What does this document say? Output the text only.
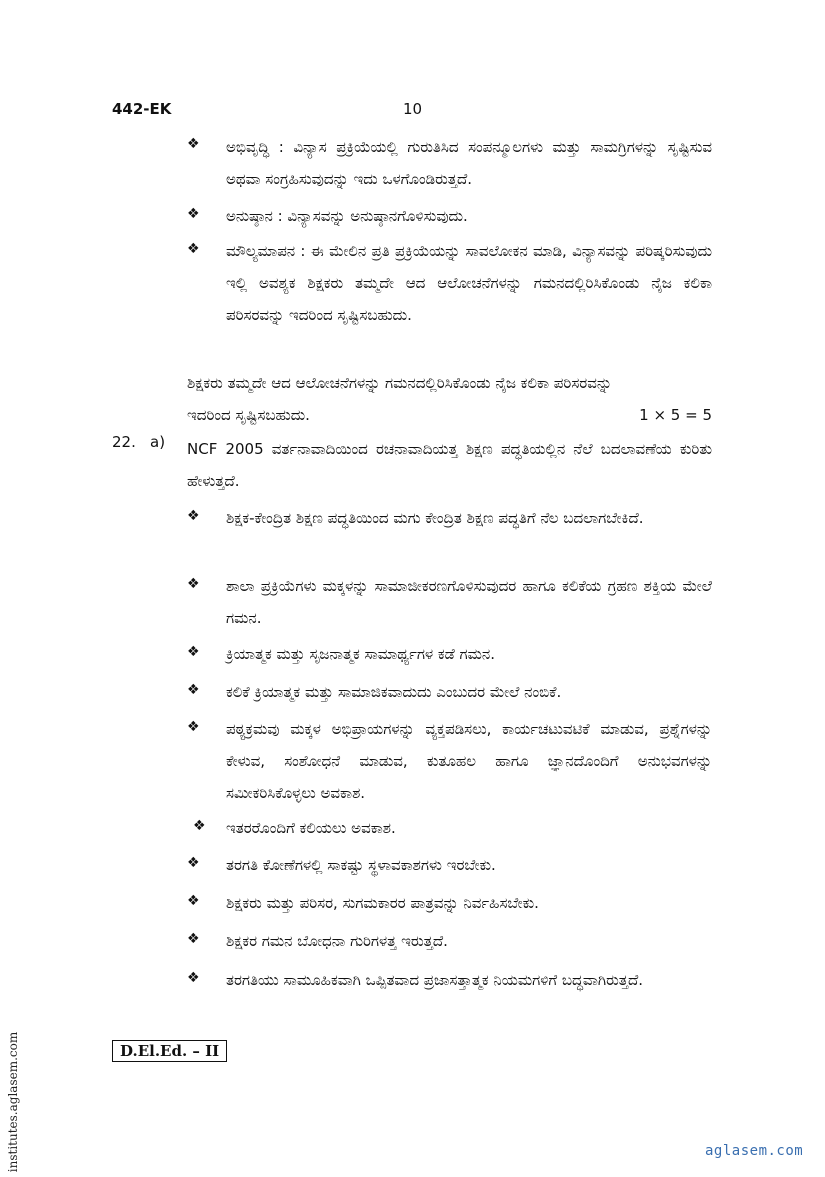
442-EK	10
❖ ಅಭಿವೃದ್ಧಿ : ವಿನ್ಯಾಸ ಪ್ರಕ್ರಿಯೆಯಲ್ಲಿ ಗುರುತಿಸಿದ ಸಂಪನ್ಮೂಲಗಳು ಮತ್ತು ಸಾಮಗ್ರಿಗಳನ್ನು ಸೃಷ್ಟಿಸುವ ಅಥವಾ ಸಂಗ್ರಹಿಸುವುದನ್ನು ಇದು ಒಳಗೊಂಡಿರುತ್ತದೆ.
❖ ಅನುಷ್ಠಾನ : ವಿನ್ಯಾಸವನ್ನು ಅನುಷ್ಠಾನಗೊಳಿಸುವುದು.
❖ ಮೌಲ್ಯಮಾಪನ : ಈ ಮೇಲಿನ ಪ್ರತಿ ಪ್ರಕ್ರಿಯೆಯನ್ನು ಸಾವಲೋಕನ ಮಾಡಿ, ವಿನ್ಯಾಸವನ್ನು ಪರಿಷ್ಕರಿಸುವುದು ಇಲ್ಲಿ ಅವಶ್ಯಕ ಶಿಕ್ಷಕರು ತಮ್ಮದೇ ಆದ ಆಲೋಚನೆಗಳನ್ನು ಗಮನದಲ್ಲಿರಿಸಿಕೊಂಡು ನೈಜ ಕಲಿಕಾ ಪರಿಸರವನ್ನು ಇದರಿಂದ ಸೃಷ್ಟಿಸಬಹುದು.
ಶಿಕ್ಷಕರು ತಮ್ಮದೇ ಆದ ಆಲೋಚನೆಗಳನ್ನು ಗಮನದಲ್ಲಿರಿಸಿಕೊಂಡು ನೈಜ ಕಲಿಕಾ ಪರಿಸರವನ್ನು
ಇದರಿಂದ ಸೃಷ್ಟಿಸಬಹುದು.	1 × 5 = 5
22. a) NCF 2005 ವರ್ತನಾವಾದಿಯಿಂದ ರಚನಾವಾದಿಯತ್ತ ಶಿಕ್ಷಣ ಪದ್ಧತಿಯಲ್ಲಿನ ನೆಲೆ ಬದಲಾವಣೆಯ ಕುರಿತು ಹೇಳುತ್ತದೆ.
❖ ಶಿಕ್ಷಕ-ಕೇಂದ್ರಿತ ಶಿಕ್ಷಣ ಪದ್ಧತಿಯಿಂದ ಮಗು ಕೇಂದ್ರಿತ ಶಿಕ್ಷಣ ಪದ್ಧತಿಗೆ ನೆಲ ಬದಲಾಗಬೇಕಿದೆ.
❖ ಶಾಲಾ ಪ್ರಕ್ರಿಯೆಗಳು ಮಕ್ಕಳನ್ನು ಸಾಮಾಜೀಕರಣಗೊಳಿಸುವುದರ ಹಾಗೂ ಕಲಿಕೆಯ ಗ್ರಹಣ ಶಕ್ತಿಯ ಮೇಲೆ ಗಮನ.
❖ ಕ್ರಿಯಾತ್ಮಕ ಮತ್ತು ಸೃಜನಾತ್ಮಕ ಸಾಮಾರ್ಥ್ಯಗಳ ಕಡೆ ಗಮನ.
❖ ಕಲಿಕೆ ಕ್ರಿಯಾತ್ಮಕ ಮತ್ತು ಸಾಮಾಜಿಕವಾದುದು ಎಂಬುದರ ಮೇಲೆ ನಂಬಿಕೆ.
❖ ಪಠ್ಯಕ್ರಮವು ಮಕ್ಕಳ ಅಭಿಪ್ರಾಯಗಳನ್ನು ವ್ಯಕ್ತಪಡಿಸಲು, ಕಾರ್ಯಚಟುವಟಿಕೆ ಮಾಡುವ, ಪ್ರಶ್ನೆಗಳನ್ನು ಕೇಳುವ, ಸಂಶೋಧನೆ ಮಾಡುವ, ಕುತೂಹಲ ಹಾಗೂ ಜ್ಞಾನದೊಂದಿಗೆ ಅನುಭವಗಳನ್ನು ಸಮೀಕರಿಸಿಕೊಳ್ಳಲು ಅವಕಾಶ.
❖ ಇತರರೊಂದಿಗೆ ಕಲಿಯಲು ಅವಕಾಶ.
❖ ತರಗತಿ ಕೋಣೆಗಳಲ್ಲಿ ಸಾಕಷ್ಟು ಸ್ಥಳಾವಕಾಶಗಳು ಇರಬೇಕು.
❖ ಶಿಕ್ಷಕರು ಮತ್ತು ಪರಿಸರ, ಸುಗಮಕಾರರ ಪಾತ್ರವನ್ನು ನಿರ್ವಹಿಸಬೇಕು.
❖ ಶಿಕ್ಷಕರ ಗಮನ ಬೋಧನಾ ಗುರಿಗಳತ್ತ ಇರುತ್ತದೆ.
❖ ತರಗತಿಯು ಸಾಮೂಹಿಕವಾಗಿ ಒಪ್ಪಿತವಾದ ಪ್ರಜಾಸತ್ತಾತ್ಮಕ ನಿಯಮಗಳಿಗೆ ಬದ್ಧವಾಗಿರುತ್ತದೆ.
D.El.Ed. – II
institutes.aglasem.com	aglasem.com
